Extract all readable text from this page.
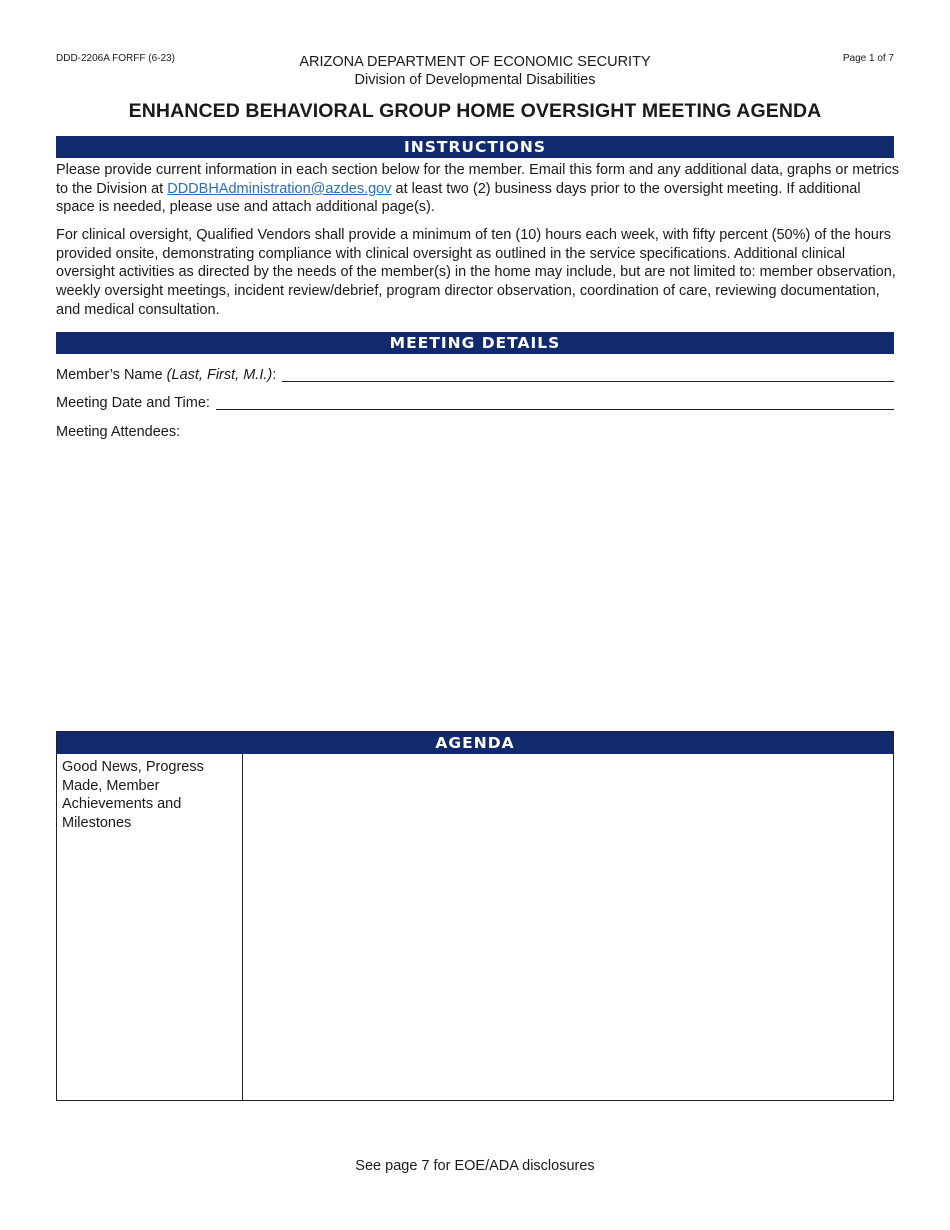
DDD-2206A FORFF (6-23)	ARIZONA DEPARTMENT OF ECONOMIC SECURITY
Division of Developmental Disabilities
Page 1 of 7
ENHANCED BEHAVIORAL GROUP HOME OVERSIGHT MEETING AGENDA
INSTRUCTIONS
Please provide current information in each section below for the member. Email this form and any additional data, graphs or metrics to the Division at DDDBHAdministration@azdes.gov at least two (2) business days prior to the oversight meeting. If additional space is needed, please use and attach additional page(s).
For clinical oversight, Qualified Vendors shall provide a minimum of ten (10) hours each week, with fifty percent (50%) of the hours provided onsite, demonstrating compliance with clinical oversight as outlined in the service specifications. Additional clinical oversight activities as directed by the needs of the member(s) in the home may include, but are not limited to: member observation, weekly oversight meetings, incident review/debrief, program director observation, coordination of care, reviewing documentation, and medical consultation.
MEETING DETAILS
Member’s Name (Last, First, M.I.):
Meeting Date and Time:
Meeting Attendees:
AGENDA
Good News, Progress Made, Member Achievements and Milestones
See page 7 for EOE/ADA disclosures
